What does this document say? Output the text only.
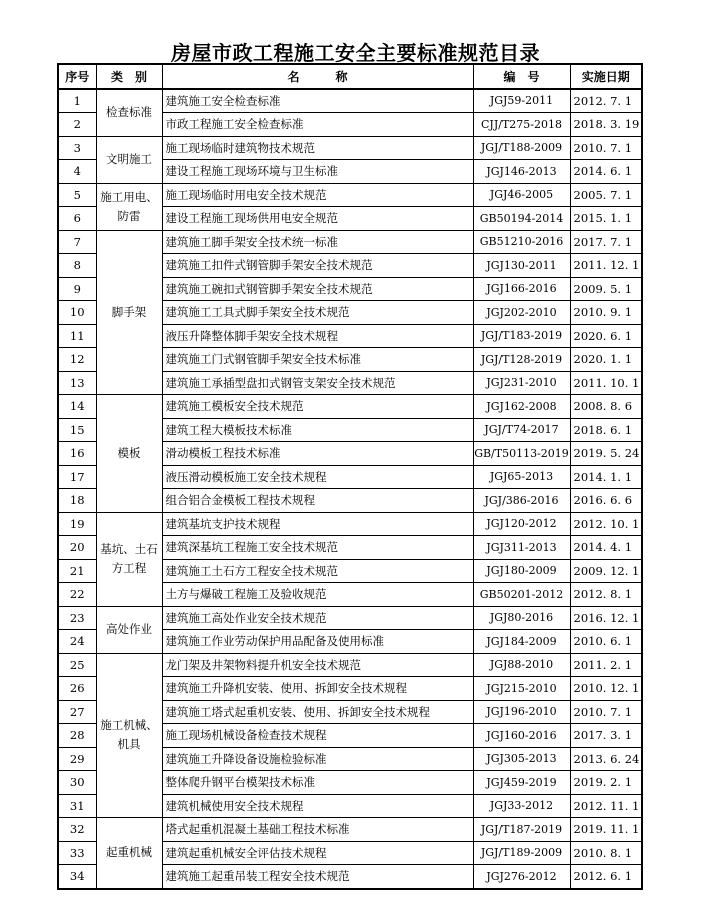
房屋市政工程施工安全主要标准规范目录
序号	类　别	名　　　称	编　号	实施日期
1	检查标准	建筑施工安全检查标准	JGJ59-2011	2012. 7. 1
2		市政工程施工安全检查标准	CJJ/T275-2018	2018. 3. 19
3	文明施工	施工现场临时建筑物技术规范	JGJ/T188-2009	2010. 7. 1
4		建设工程施工现场环境与卫生标准	JGJ146-2013	2014. 6. 1
5	施工用电、防雷	施工现场临时用电安全技术规范	JGJ46-2005	2005. 7. 1
6		建设工程施工现场供用电安全规范	GB50194-2014	2015. 1. 1
7	脚手架	建筑施工脚手架安全技术统一标准	GB51210-2016	2017. 7. 1
8		建筑施工扣件式钢管脚手架安全技术规范	JGJ130-2011	2011. 12. 1
9		建筑施工碗扣式钢管脚手架安全技术规范	JGJ166-2016	2009. 5. 1
10		建筑施工工具式脚手架安全技术规范	JGJ202-2010	2010. 9. 1
11		液压升降整体脚手架安全技术规程	JGJ/T183-2019	2020. 6. 1
12		建筑施工门式钢管脚手架安全技术标准	JGJ/T128-2019	2020. 1. 1
13		建筑施工承插型盘扣式钢管支架安全技术规范	JGJ231-2010	2011. 10. 1
14	模板	建筑施工模板安全技术规范	JGJ162-2008	2008. 8. 6
15		建筑工程大模板技术标准	JGJ/T74-2017	2018. 6. 1
16		滑动模板工程技术标准	GB/T50113-2019	2019. 5. 24
17		液压滑动模板施工安全技术规程	JGJ65-2013	2014. 1. 1
18		组合铝合金模板工程技术规程	JGJ/386-2016	2016. 6. 6
19	基坑、土石方工程	建筑基坑支护技术规程	JGJ120-2012	2012. 10. 1
20		建筑深基坑工程施工安全技术规范	JGJ311-2013	2014. 4. 1
21		建筑施工土石方工程安全技术规范	JGJ180-2009	2009. 12. 1
22		土方与爆破工程施工及验收规范	GB50201-2012	2012. 8. 1
23	高处作业	建筑施工高处作业安全技术规范	JGJ80-2016	2016. 12. 1
24		建筑施工作业劳动保护用品配备及使用标准	JGJ184-2009	2010. 6. 1
25	施工机械、机具	龙门架及井架物料提升机安全技术规范	JGJ88-2010	2011. 2. 1
26		建筑施工升降机安装、使用、拆卸安全技术规程	JGJ215-2010	2010. 12. 1
27		建筑施工塔式起重机安装、使用、拆卸安全技术规程	JGJ196-2010	2010. 7. 1
28		施工现场机械设备检查技术规程	JGJ160-2016	2017. 3. 1
29		建筑施工升降设备设施检验标准	JGJ305-2013	2013. 6. 24
30		整体爬升钢平台模架技术标准	JGJ459-2019	2019. 2. 1
31		建筑机械使用安全技术规程	JGJ33-2012	2012. 11. 1
32	起重机械	塔式起重机混凝土基础工程技术标准	JGJ/T187-2019	2019. 11. 1
33		建筑起重机械安全评估技术规程	JGJ/T189-2009	2010. 8. 1
34		建筑施工起重吊装工程安全技术规范	JGJ276-2012	2012. 6. 1
